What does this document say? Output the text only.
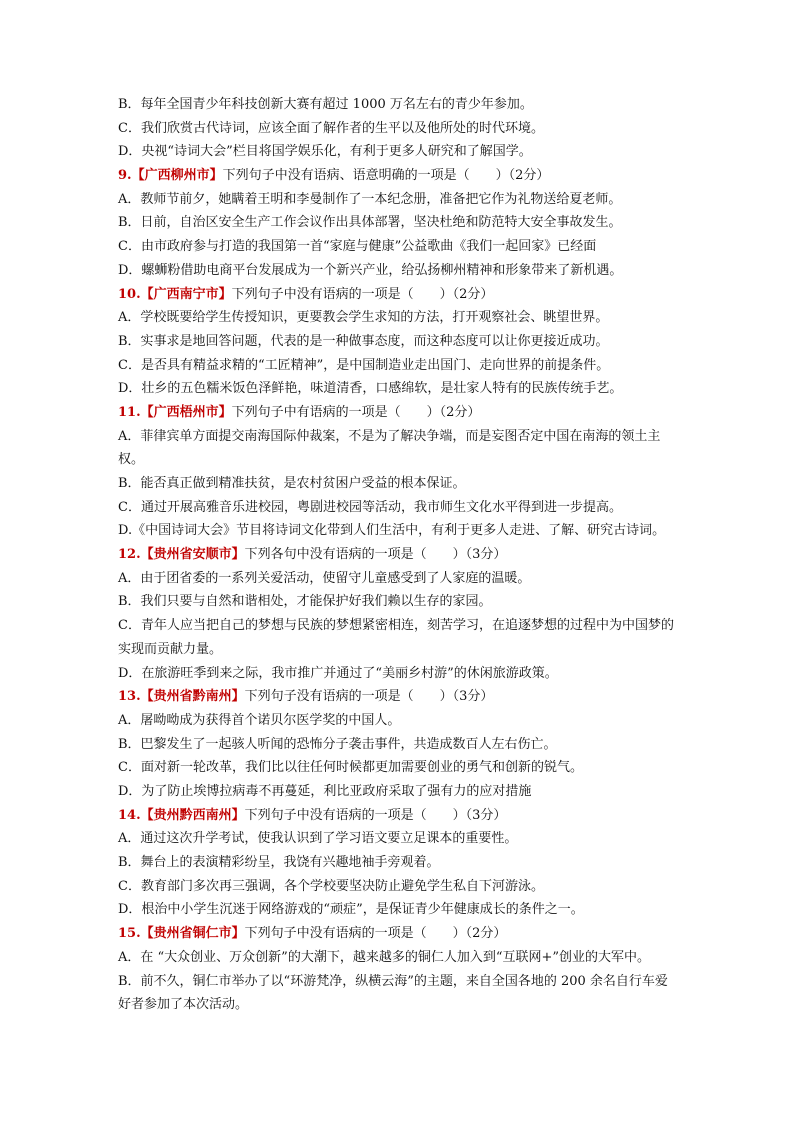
B．每年全国青少年科技创新大赛有超过 1000 万名左右的青少年参加。
C．我们欣赏古代诗词，应该全面了解作者的生平以及他所处的时代环境。
D．央视“诗词大会”栏目将国学娱乐化，有利于更多人研究和了解国学。
9.【广西柳州市】下列句子中没有语病、语意明确的一项是（　　）（2分）
A．教师节前夕，她瞒着王明和李曼制作了一本纪念册，准备把它作为礼物送给夏老师。
B．日前，自治区安全生产工作会议作出具体部署，坚决杜绝和防范特大安全事故发生。
C．由市政府参与打造的我国第一首“家庭与健康”公益歌曲《我们一起回家》已经面
D．螺蛳粉借助电商平台发展成为一个新兴产业，给弘扬柳州精神和形象带来了新机遇。
10.【广西南宁市】下列句子中没有语病的一项是（　　）（2分）
A．学校既要给学生传授知识，更要教会学生求知的方法，打开观察社会、眺望世界。
B．实事求是地回答问题，代表的是一种做事态度，而这种态度可以让你更接近成功。
C．是否具有精益求精的“工匠精神”，是中国制造业走出国门、走向世界的前提条件。
D．壮乡的五色糯米饭色泽鲜艳，味道清香，口感绵软，是壮家人特有的民族传统手艺。
11.【广西梧州市】下列句子中有语病的一项是（　　）（2分）
A．菲律宾单方面提交南海国际仲裁案，不是为了解决争端，而是妄图否定中国在南海的领土主权。
B．能否真正做到精准扶贫，是农村贫困户受益的根本保证。
C．通过开展高雅音乐进校园，粤剧进校园等活动，我市师生文化水平得到进一步提高。
D.《中国诗词大会》节目将诗词文化带到人们生活中，有利于更多人走进、了解、研究古诗词。
12.【贵州省安顺市】下列各句中没有语病的一项是（　　）（3分）
A．由于团省委的一系列关爱活动，使留守儿童感受到了人家庭的温暖。
B．我们只要与自然和谐相处，才能保护好我们赖以生存的家园。
C．青年人应当把自己的梦想与民族的梦想紧密相连，刻苦学习，在追逐梦想的过程中为中国梦的实现而贡献力量。
D．在旅游旺季到来之际，我市推广并通过了“美丽乡村游”的休闲旅游政策。
13.【贵州省黔南州】下列句子没有语病的一项是（　　）（3分）
A．屠呦呦成为获得首个诺贝尔医学奖的中国人。
B．巴黎发生了一起骇人听闻的恐怖分子袭击事件，共造成数百人左右伤亡。
C．面对新一轮改革，我们比以往任何时候都更加需要创业的勇气和创新的锐气。
D．为了防止埃博拉病毒不再蔓延，利比亚政府采取了强有力的应对措施
14.【贵州黔西南州】下列句子中没有语病的一项是（　　）（3分）
A．通过这次升学考试，使我认识到了学习语文要立足课本的重要性。
B．舞台上的表演精彩纷呈，我饶有兴趣地袖手旁观着。
C．教育部门多次再三强调，各个学校要坚决防止避免学生私自下河游泳。
D．根治中小学生沉迷于网络游戏的“顽症”，是保证青少年健康成长的条件之一。
15.【贵州省铜仁市】下列句子中没有语病的一项是（　　）（2分）
A．在 “大众创业、万众创新”的大潮下，越来越多的铜仁人加入到“互联网+”创业的大军中。
B．前不久，铜仁市举办了以“环游梵净，纵横云海”的主题，来自全国各地的 200 余名自行车爱好者参加了本次活动。
